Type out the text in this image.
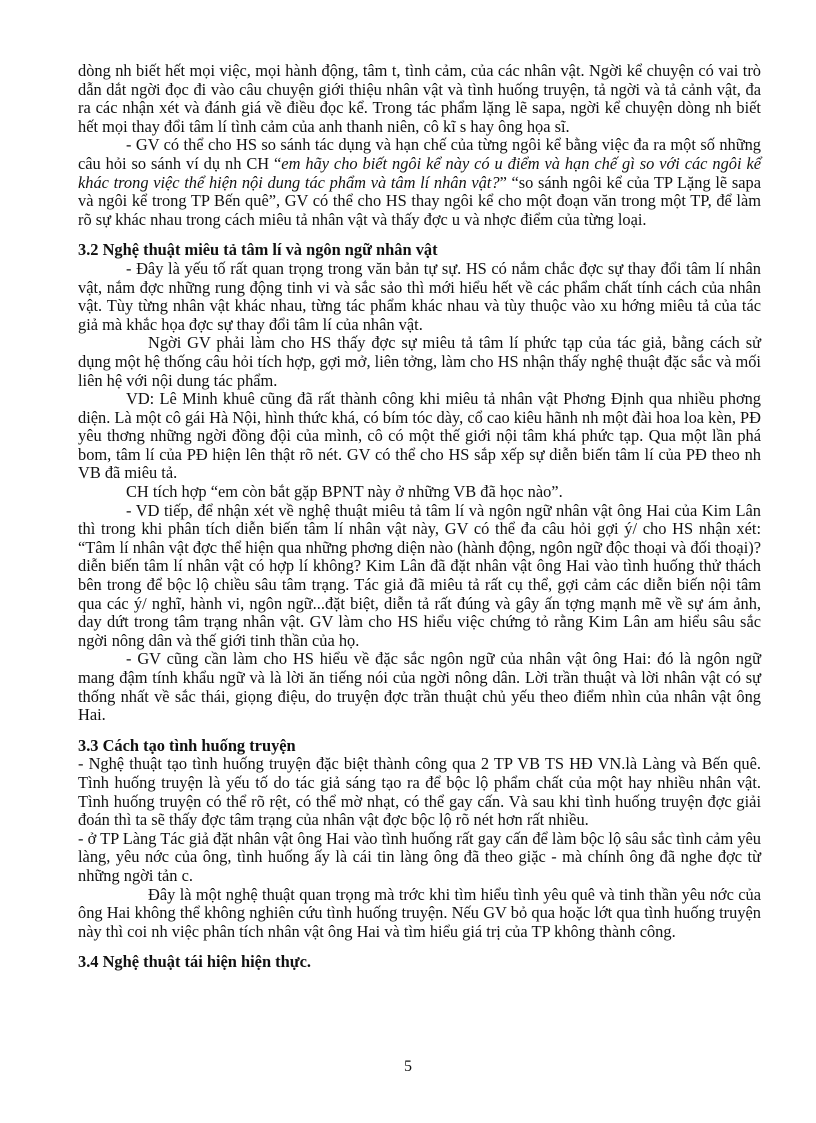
dòng nh biết hết mọi việc, mọi hành động, tâm t, tình cảm, của các nhân vật. Ngời kể chuyện có vai trò dẫn dắt ngời đọc đi vào câu chuyện giới thiệu nhân vật và tình huống truyện, tả ngời và tả cảnh vật, đa ra các nhận xét và đánh giá về điều đọc kể. Trong tác phẩm lặng lẽ sapa, ngời kể chuyện dòng nh biết hết mọi thay đổi tâm lí tình cảm của anh thanh niên, cô kĩ s hay ông họa sĩ.

- GV có thể cho HS so sánh tác dụng và hạn chế của từng ngôi kể bằng việc đa ra một số những câu hỏi so sánh ví dụ nh CH “em hãy cho biết ngôi kể này có u điểm và hạn chế gì so với các ngôi kể khác trong việc thể hiện nội dung tác phẩm và tâm lí nhân vật?” “so sánh ngôi kể của TP Lặng lẽ sapa và ngôi kể trong TP Bến quê”, GV có thể cho HS thay ngôi kể cho một đoạn văn trong một TP, để làm rõ sự khác nhau trong cách miêu tả nhân vật và thấy đợc u và nhợc điểm của từng loại.

3.2 Nghệ thuật miêu tả tâm lí và ngôn ngữ nhân vật

- Đây là yếu tố rất quan trọng trong văn bản tự sự. HS có nắm chắc đợc sự thay đổi tâm lí nhân vật, nắm đợc những rung động tinh vi và sắc sảo thì mới hiểu hết về các phẩm chất tính cách của nhân vật. Tùy từng nhân vật khác nhau, từng tác phẩm khác nhau và tùy thuộc vào xu hớng miêu tả của tác giả mà khắc họa đợc sự thay đổi tâm lí của nhân vật.

Ngời GV phải làm cho HS thấy đợc sự miêu tả tâm lí phức tạp của tác giả, bằng cách sử dụng một hệ thống câu hỏi tích hợp, gợi mở, liên tởng, làm cho HS nhận thấy nghệ thuật đặc sắc và mối liên hệ với nội dung tác phẩm.

VD: Lê Minh khuê cũng đã rất thành công khi miêu tả nhân vật Phơng Định qua nhiều phơng diện. Là một cô gái Hà Nội, hình thức khá, có bím tóc dày, cổ cao kiêu hãnh nh một đài hoa loa kèn, PĐ yêu thơng những ngời đồng đội của mình, cô có một thế giới nội tâm khá phức tạp. Qua một lần phá bom, tâm lí của PĐ hiện lên thật rõ nét. GV có thể cho HS sắp xếp sự diễn biến tâm lí của PĐ theo nh VB đã miêu tả.

CH tích hợp “em còn bắt gặp BPNT này ở những VB đã học nào”.

- VD tiếp, để nhận xét về nghệ thuật miêu tả tâm lí và ngôn ngữ nhân vật ông Hai của Kim Lân thì trong khi phân tích diễn biến tâm lí nhân vật này, GV có thể đa câu hỏi gợi ý/ cho HS nhận xét: “Tâm lí nhân vật đợc thể hiện qua những phơng diện nào (hành động, ngôn ngữ độc thoại và đối thoại)? diễn biến tâm lí nhân vật có hợp lí không? Kim Lân đã đặt nhân vật ông Hai vào tình huống thử thách bên trong để bộc lộ chiều sâu tâm trạng. Tác giả đã miêu tả rất cụ thể, gợi cảm các diễn biến nội tâm qua các ý/ nghĩ, hành vi, ngôn ngữ...đặt biệt, diễn tả rất đúng và gây ấn tợng mạnh mẽ về sự ám ảnh, day dứt trong tâm trạng nhân vật. GV làm cho HS hiểu việc chứng tỏ rằng Kim Lân am hiểu sâu sắc ngời nông dân và thế giới tinh thần của họ.

- GV cũng cần làm cho HS hiểu về đặc sắc ngôn ngữ của nhân vật ông Hai: đó là ngôn ngữ mang đậm tính khẩu ngữ và là lời ăn tiếng nói của ngời nông dân. Lời trần thuật và lời nhân vật có sự thống nhất về sắc thái, giọng điệu, do truyện đợc trần thuật chủ yếu theo điểm nhìn của nhân vật ông Hai.

3.3 Cách tạo tình huống truyện

- Nghệ thuật tạo tình huống truyện đặc biệt thành công qua 2 TP VB TS HĐ VN.là Làng và Bến quê. Tình huống truyện là yếu tố do tác giả sáng tạo ra để bộc lộ phẩm chất của một hay nhiều nhân vật. Tình huống truyện có thể rõ rệt, có thể mờ nhạt, có thể gay cấn. Và sau khi tình huống truyện đợc giải đoán thì ta sẽ thấy đợc tâm trạng của nhân vật đợc bộc lộ rõ nét hơn rất nhiều.

- ở TP Làng Tác giả đặt nhân vật ông Hai vào tình huống rất gay cấn để làm bộc lộ sâu sắc tình cảm yêu làng, yêu nớc của ông, tình huống ấy là cái tin làng ông đã theo giặc - mà chính ông đã nghe đợc từ những ngời tản c.

Đây là một nghệ thuật quan trọng mà trớc khi tìm hiểu tình yêu quê và tinh thần yêu nớc của ông Hai không thể không nghiên cứu tình huống truyện. Nếu GV bỏ qua hoặc lớt qua tình huống truyện này thì coi nh việc phân tích nhân vật ông Hai và tìm hiểu giá trị của TP không thành công.

3.4 Nghệ thuật tái hiện hiện thực.
5
